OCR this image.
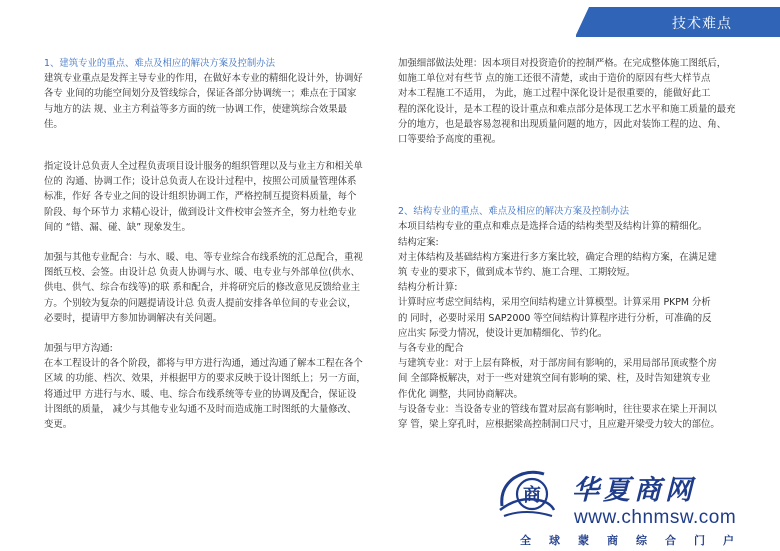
技术难点

1、建筑专业的重点、难点及相应的解决方案及控制办法

建筑专业重点是发挥主导专业的作用，在做好本专业的精细化设计外，协调好

各专 业间的功能空间划分及管线综合，保证各部分协调统一；难点在于国家

与地方的法 规、业主方利益等多方面的统一协调工作，使建筑综合效果最

佳。

指定设计总负责人全过程负责项目设计服务的组织管理以及与业主方和相关单

位的 沟通、协调工作；设计总负责人在设计过程中，按照公司质量管理体系

标准，作好 各专业之间的设计组织协调工作，严格控制互提资料质量，每个

阶段、每个环节力 求精心设计，做到设计文件校审会签齐全，努力杜绝专业

间的 “错、漏、碰、缺” 现象发生。

加强与其他专业配合：与水、暖、电、等专业综合布线系统的汇总配合，重视

图纸互校、会签。由设计总 负责人协调与水、暖、电专业与外部单位(供水、

供电、供气、综合布线等)的联 系和配合，并将研究后的修改意见反馈给业主

方。个别较为复杂的问题提请设计总 负责人提前安排各单位间的专业会议，

必要时，提请甲方参加协调解决有关问题。

加强与甲方沟通:

在本工程设计的各个阶段，都将与甲方进行沟通，通过沟通了解本工程在各个

区域 的功能、档次、效果，并根据甲方的要求反映于设计图纸上；另一方面，

将通过甲 方进行与水、暖、电、综合布线系统等专业的协调及配合，保证设

计图纸的质量， 减少与其他专业勾通不及时而造成施工时图纸的大量修改、

变更。

加强细部做法处理：因本项目对投资造价的控制严格。在完成整体施工图纸后，

如施工单位对有些节 点的施工还很不清楚，或由于造价的原因有些大样节点

对本工程施工不适用， 为此，施工过程中深化设计是很重要的，能做好此工

程的深化设计，是本工程的设计重点和难点部分是体现工艺水平和施工质量的最充

分的地方，也是最容易忽视和出现质量问题的地方，因此对装饰工程的边、角、

口等要给予高度的重视。

2、结构专业的重点、难点及相应的解决方案及控制办法

本项目结构专业的重点和难点是选择合适的结构类型及结构计算的精细化。

结构定案:

对主体结构及基础结构方案进行多方案比较，确定合理的结构方案，在满足建

筑 专业的要求下，做到成本节约、施工合理、工期较短。

结构分析计算:

计算时应考虑空间结构，采用空间结构建立计算模型。计算采用 PKPM 分析

的 同时，必要时采用 SAP2000 等空间结构计算程序进行分析，可准确的反

应出实 际受力情况，使设计更加精细化、节约化。

与各专业的配合

与建筑专业：对于上层有降板，对于部房间有影响的，采用局部吊顶或整个房

间 全部降板解决，对于一些对建筑空间有影响的梁、柱，及时告知建筑专业

作优化 调整，共同协商解决。

与设备专业：当设备专业的管线布置对层高有影响时，往往要求在梁上开洞以

穿 管，梁上穿孔时，应根据梁高控制洞口尺寸，且应避开梁受力较大的部位。

商 华夏商网
www.chnmsw.com
全球蒙商综合门户
